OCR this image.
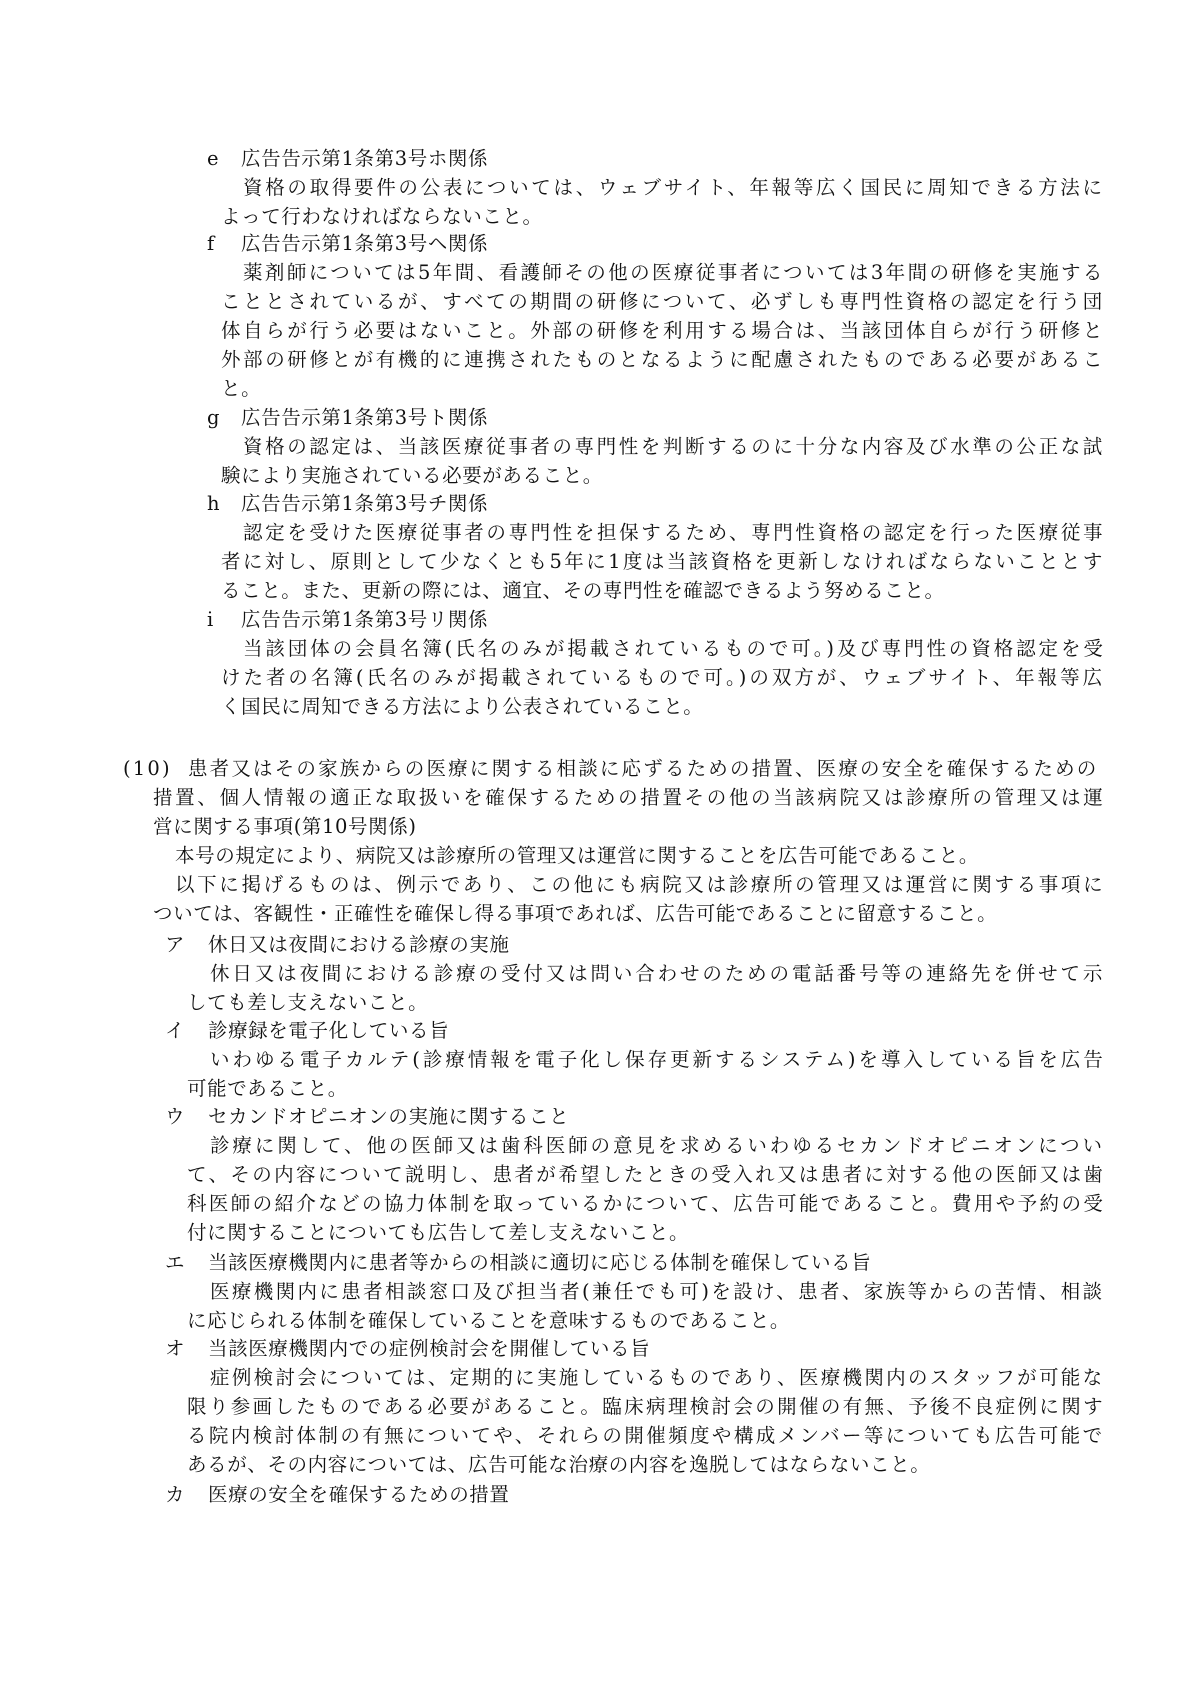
e 広告告示第1条第3号ホ関係
資格の取得要件の公表については、ウェブサイト、年報等広く国民に周知できる方法に
よって行わなければならないこと。
f 広告告示第1条第3号ヘ関係
薬剤師については5年間、看護師その他の医療従事者については3年間の研修を実施する
こととされているが、すべての期間の研修について、必ずしも専門性資格の認定を行う団
体自らが行う必要はないこと。外部の研修を利用する場合は、当該団体自らが行う研修と
外部の研修とが有機的に連携されたものとなるように配慮されたものである必要があるこ
と。
g 広告告示第1条第3号ト関係
資格の認定は、当該医療従事者の専門性を判断するのに十分な内容及び水準の公正な試
験により実施されている必要があること。
h 広告告示第1条第3号チ関係
認定を受けた医療従事者の専門性を担保するため、専門性資格の認定を行った医療従事
者に対し、原則として少なくとも5年に1度は当該資格を更新しなければならないこととす
ること。また、更新の際には、適宜、その専門性を確認できるよう努めること。
i 広告告示第1条第3号リ関係
当該団体の会員名簿(氏名のみが掲載されているもので可。)及び専門性の資格認定を受
けた者の名簿(氏名のみが掲載されているもので可。)の双方が、ウェブサイト、年報等広
く国民に周知できる方法により公表されていること。
(10) 患者又はその家族からの医療に関する相談に応ずるための措置、医療の安全を確保するための
措置、個人情報の適正な取扱いを確保するための措置その他の当該病院又は診療所の管理又は運
営に関する事項(第10号関係)
本号の規定により、病院又は診療所の管理又は運営に関することを広告可能であること。
以下に掲げるものは、例示であり、この他にも病院又は診療所の管理又は運営に関する事項に
ついては、客観性・正確性を確保し得る事項であれば、広告可能であることに留意すること。
ア 休日又は夜間における診療の実施
休日又は夜間における診療の受付又は問い合わせのための電話番号等の連絡先を併せて示
しても差し支えないこと。
イ 診療録を電子化している旨
いわゆる電子カルテ(診療情報を電子化し保存更新するシステム)を導入している旨を広告
可能であること。
ウ セカンドオピニオンの実施に関すること
診療に関して、他の医師又は歯科医師の意見を求めるいわゆるセカンドオピニオンについ
て、その内容について説明し、患者が希望したときの受入れ又は患者に対する他の医師又は歯
科医師の紹介などの協力体制を取っているかについて、広告可能であること。費用や予約の受
付に関することについても広告して差し支えないこと。
エ 当該医療機関内に患者等からの相談に適切に応じる体制を確保している旨
医療機関内に患者相談窓口及び担当者(兼任でも可)を設け、患者、家族等からの苦情、相談
に応じられる体制を確保していることを意味するものであること。
オ 当該医療機関内での症例検討会を開催している旨
症例検討会については、定期的に実施しているものであり、医療機関内のスタッフが可能な
限り参画したものである必要があること。臨床病理検討会の開催の有無、予後不良症例に関す
る院内検討体制の有無についてや、それらの開催頻度や構成メンバー等についても広告可能で
あるが、その内容については、広告可能な治療の内容を逸脱してはならないこと。
カ 医療の安全を確保するための措置
